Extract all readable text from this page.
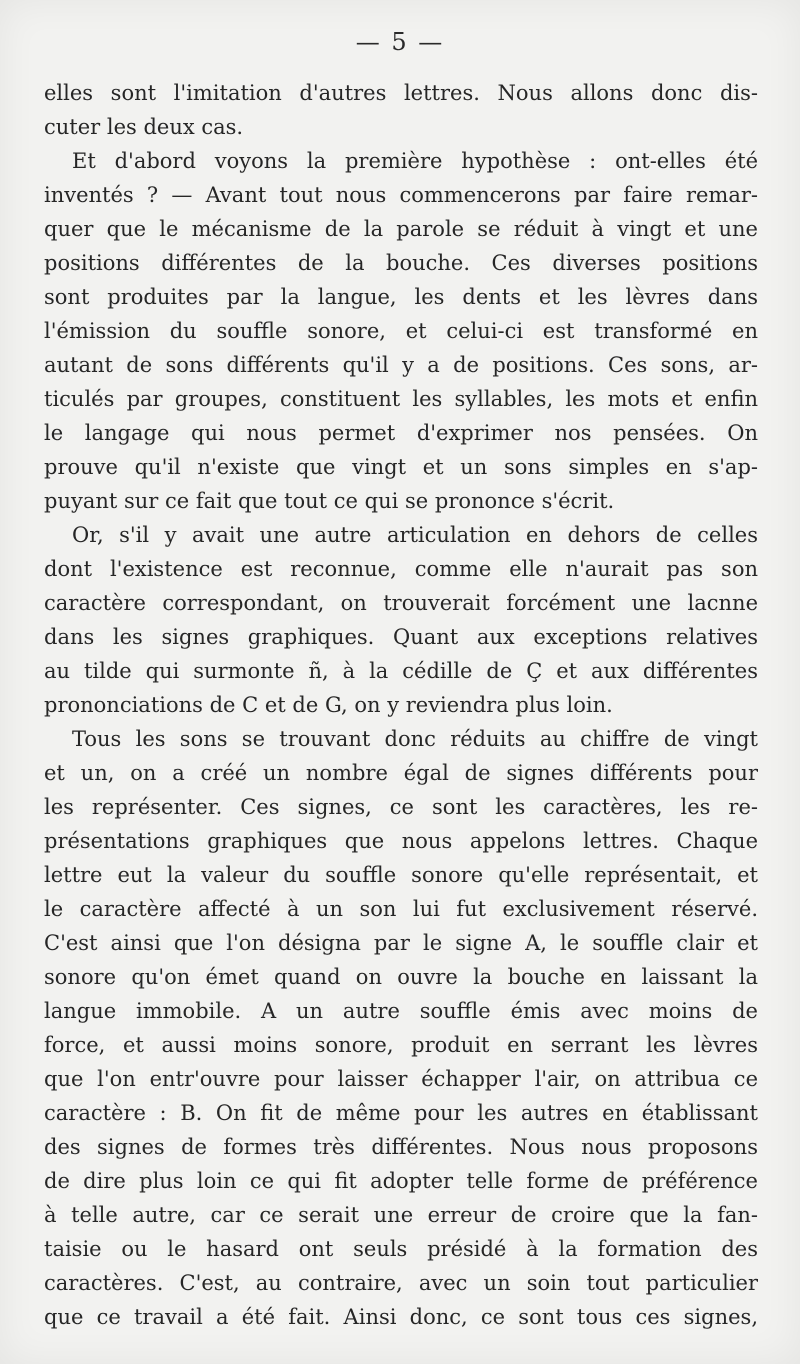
— 5 —
elles sont l'imitation d'autres lettres. Nous allons donc dis-
cuter les deux cas.
Et d'abord voyons la première hypothèse : ont-elles été
inventés ? — Avant tout nous commencerons par faire remar-
quer que le mécanisme de la parole se réduit à vingt et une
positions différentes de la bouche. Ces diverses positions
sont produites par la langue, les dents et les lèvres dans
l'émission du souffle sonore, et celui-ci est transformé en
autant de sons différents qu'il y a de positions. Ces sons, ar-
ticulés par groupes, constituent les syllables, les mots et enfin
le langage qui nous permet d'exprimer nos pensées. On
prouve qu'il n'existe que vingt et un sons simples en s'ap-
puyant sur ce fait que tout ce qui se prononce s'écrit.
Or, s'il y avait une autre articulation en dehors de celles
dont l'existence est reconnue, comme elle n'aurait pas son
caractère correspondant, on trouverait forcément une lacnne
dans les signes graphiques. Quant aux exceptions relatives
au tilde qui surmonte ñ, à la cédille de Ç et aux différentes
prononciations de C et de G, on y reviendra plus loin.
Tous les sons se trouvant donc réduits au chiffre de vingt
et un, on a créé un nombre égal de signes différents pour
les représenter. Ces signes, ce sont les caractères, les re-
présentations graphiques que nous appelons lettres. Chaque
lettre eut la valeur du souffle sonore qu'elle représentait, et
le caractère affecté à un son lui fut exclusivement réservé.
C'est ainsi que l'on désigna par le signe A, le souffle clair et
sonore qu'on émet quand on ouvre la bouche en laissant la
langue immobile. A un autre souffle émis avec moins de
force, et aussi moins sonore, produit en serrant les lèvres
que l'on entr'ouvre pour laisser échapper l'air, on attribua ce
caractère : B. On fit de même pour les autres en établissant
des signes de formes très différentes. Nous nous proposons
de dire plus loin ce qui fit adopter telle forme de préférence
à telle autre, car ce serait une erreur de croire que la fan-
taisie ou le hasard ont seuls présidé à la formation des
caractères. C'est, au contraire, avec un soin tout particulier
que ce travail a été fait. Ainsi donc, ce sont tous ces signes,
